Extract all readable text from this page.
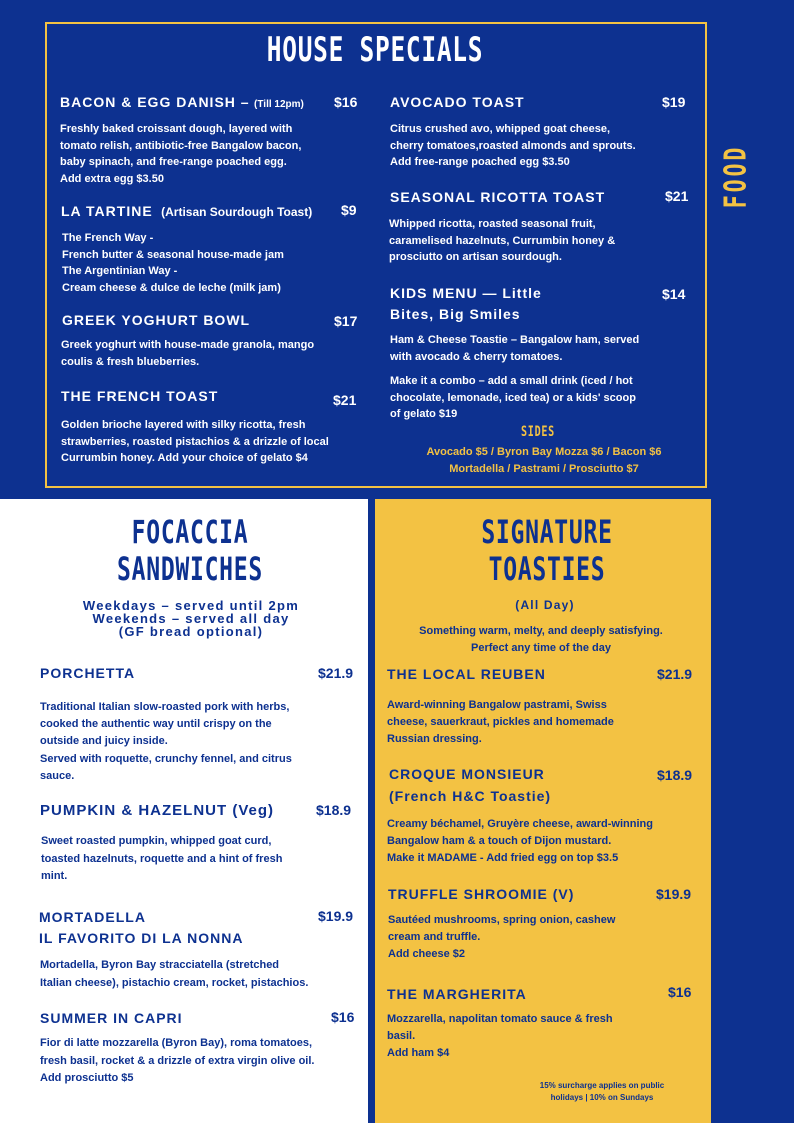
HOUSE SPECIALS
FOOD
BACON & EGG DANISH – (Till 12pm) $16
Freshly baked croissant dough, layered with
tomato relish, antibiotic-free Bangalow bacon,
baby spinach, and free-range poached egg.
Add extra egg $3.50
LA TARTINE (Artisan Sourdough Toast) $9
The French Way -
French butter & seasonal house-made jam
The Argentinian Way -
Cream cheese & dulce de leche (milk jam)
GREEK YOGHURT BOWL	$17
Greek yoghurt with house-made granola, mango
coulis & fresh blueberries.
THE FRENCH TOAST	$21
Golden brioche layered with silky ricotta, fresh
strawberries, roasted pistachios & a drizzle of local
Currumbin honey. Add your choice of gelato $4
AVOCADO TOAST	$19
Citrus crushed avo, whipped goat cheese,
cherry tomatoes,roasted almonds and sprouts.
Add free-range poached egg $3.50
SEASONAL RICOTTA TOAST	$21
Whipped ricotta, roasted seasonal fruit,
caramelised hazelnuts, Currumbin honey &
prosciutto on artisan sourdough.
KIDS MENU — Little
Bites, Big Smiles
$14
Ham & Cheese Toastie – Bangalow ham, served
with avocado & cherry tomatoes.
Make it a combo – add a small drink (iced / hot
chocolate, lemonade, iced tea) or a kids' scoop
of gelato $19
SIDES
Avocado $5 / Byron Bay Mozza $6 / Bacon $6
Mortadella / Pastrami / Prosciutto $7
FOCACCIA
SANDWICHES
Weekdays – served until 2pm
Weekends – served all day
(GF bread optional)
PORCHETTA	$21.9
Traditional Italian slow-roasted pork with herbs,
cooked the authentic way until crispy on the
outside and juicy inside.
Served with roquette, crunchy fennel, and citrus
sauce.
PUMPKIN & HAZELNUT (Veg)	$18.9
Sweet roasted pumpkin, whipped goat curd,
toasted hazelnuts, roquette and a hint of fresh
mint.
MORTADELLA
IL FAVORITO DI LA NONNA
$19.9
Mortadella, Byron Bay stracciatella (stretched
Italian cheese), pistachio cream, rocket, pistachios.
SUMMER IN CAPRI	$16
Fior di latte mozzarella (Byron Bay), roma tomatoes,
fresh basil, rocket & a drizzle of extra virgin olive oil.
Add prosciutto $5
SIGNATURE
TOASTIES
(All Day)
Something warm, melty, and deeply satisfying.
Perfect any time of the day
THE LOCAL REUBEN	$21.9
Award-winning Bangalow pastrami, Swiss
cheese, sauerkraut, pickles and homemade
Russian dressing.
CROQUE MONSIEUR
(French H&C Toastie)
$18.9
Creamy béchamel, Gruyère cheese, award-winning
Bangalow ham & a touch of Dijon mustard.
Make it MADAME - Add fried egg on top $3.5
TRUFFLE SHROOMIE (V)	$19.9
Sautéed mushrooms, spring onion, cashew
cream and truffle.
Add cheese $2
THE MARGHERITA	$16
Mozzarella, napolitan tomato sauce & fresh
basil.
Add ham $4
15% surcharge applies on public
holidays | 10% on Sundays
